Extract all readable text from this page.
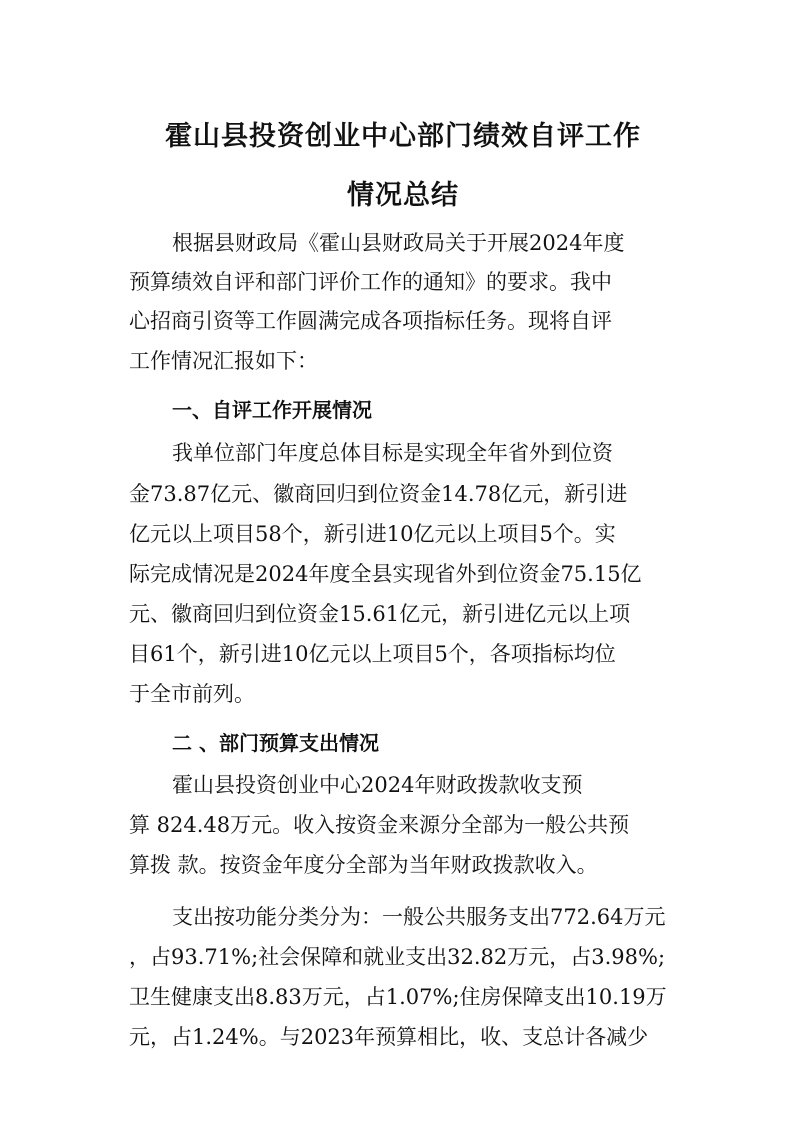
霍山县投资创业中心部门绩效自评工作
情况总结
根据县财政局《霍山县财政局关于开展2024年度
预算绩效自评和部门评价工作的通知》的要求。我中
心招商引资等工作圆满完成各项指标任务。现将自评
工作情况汇报如下：
一、自评工作开展情况
我单位部门年度总体目标是实现全年省外到位资
金73.87亿元、徽商回归到位资金14.78亿元，新引进
亿元以上项目58个，新引进10亿元以上项目5个。实
际完成情况是2024年度全县实现省外到位资金75.15亿
元、徽商回归到位资金15.61亿元，新引进亿元以上项
目61个，新引进10亿元以上项目5个，各项指标均位
于全市前列。
二 、部门预算支出情况
霍山县投资创业中心2024年财政拨款收支预
算 824.48万元。收入按资金来源分全部为一般公共预
算拨 款。按资金年度分全部为当年财政拨款收入。
支出按功能分类分为：一般公共服务支出772.64万元
，占93.71%;社会保障和就业支出32.82万元，占3.98%;
卫生健康支出8.83万元，占1.07%;住房保障支出10.19万
元，占1.24%。与2023年预算相比，收、支总计各减少
